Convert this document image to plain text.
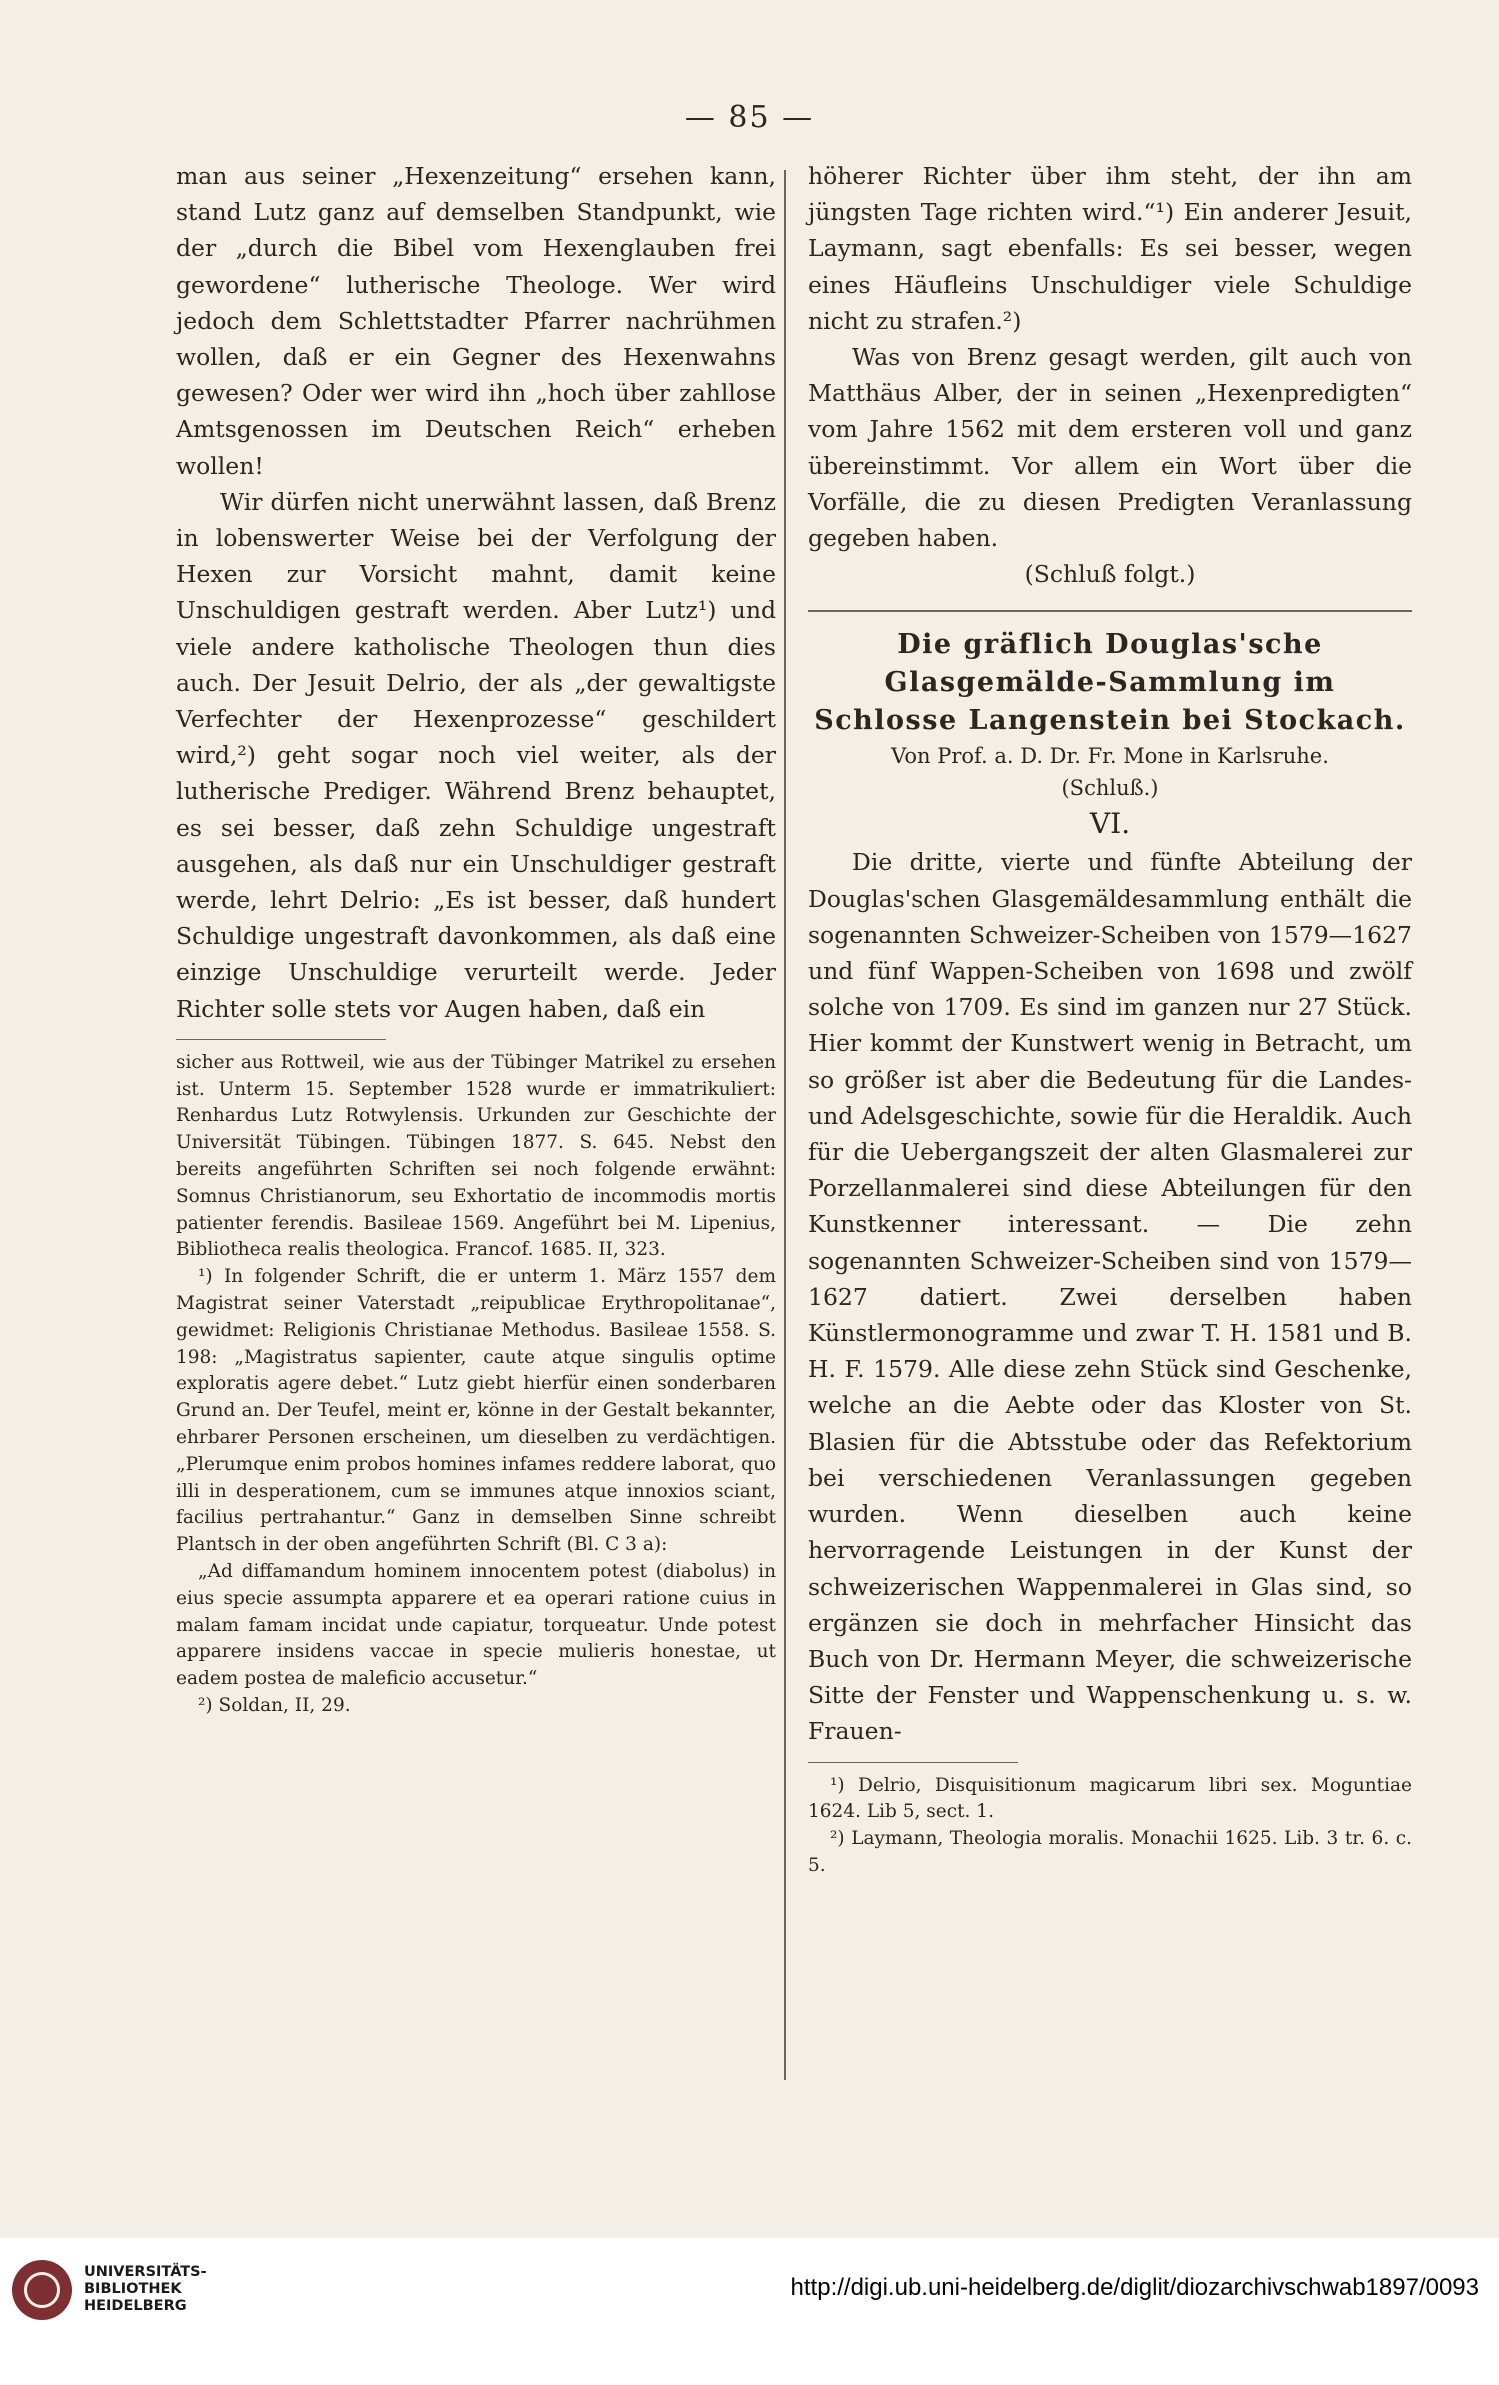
— 85 —

man aus seiner „Hexenzeitung“ ersehen kann, stand Lutz ganz auf demselben Standpunkt, wie der „durch die Bibel vom Hexenglauben frei gewordene“ lutherische Theologe. Wer wird jedoch dem Schlettstadter Pfarrer nachrühmen wollen, daß er ein Gegner des Hexenwahns gewesen? Oder wer wird ihn „hoch über zahllose Amtsgenossen im Deutschen Reich“ erheben wollen!

Wir dürfen nicht unerwähnt lassen, daß Brenz in lobenswerter Weise bei der Verfolgung der Hexen zur Vorsicht mahnt, damit keine Unschuldigen gestraft werden. Aber Lutz¹) und viele andere katholische Theologen thun dies auch. Der Jesuit Delrio, der als „der gewaltigste Verfechter der Hexenprozesse“ geschildert wird,²) geht sogar noch viel weiter, als der lutherische Prediger. Während Brenz behauptet, es sei besser, daß zehn Schuldige ungestraft ausgehen, als daß nur ein Unschuldiger gestraft werde, lehrt Delrio: „Es ist besser, daß hundert Schuldige ungestraft davonkommen, als daß eine einzige Unschuldige verurteilt werde. Jeder Richter solle stets vor Augen haben, daß ein

sicher aus Rottweil, wie aus der Tübinger Matrikel zu ersehen ist. Unterm 15. September 1528 wurde er immatrikuliert: Renhardus Lutz Rotwylensis. Urkunden zur Geschichte der Universität Tübingen. Tübingen 1877. S. 645. Nebst den bereits angeführten Schriften sei noch folgende erwähnt: Somnus Christianorum, seu Exhortatio de incommodis mortis patienter ferendis. Basileae 1569. Angeführt bei M. Lipenius, Bibliotheca realis theologica. Francof. 1685. II, 323.

¹) In folgender Schrift, die er unterm 1. März 1557 dem Magistrat seiner Vaterstadt „reipublicae Erythropolitanae“, gewidmet: Religionis Christianae Methodus. Basileae 1558. S. 198: „Magistratus sapienter, caute atque singulis optime exploratis agere debet.“ Lutz giebt hierfür einen sonderbaren Grund an. Der Teufel, meint er, könne in der Gestalt bekannter, ehrbarer Personen erscheinen, um dieselben zu verdächtigen. „Plerumque enim probos homines infames reddere laborat, quo illi in desperationem, cum se immunes atque innoxios sciant, facilius pertrahantur.“ Ganz in demselben Sinne schreibt Plantsch in der oben angeführten Schrift (Bl. C 3 a):

„Ad diffamandum hominem innocentem potest (diabolus) in eius specie assumpta apparere et ea operari ratione cuius in malam famam incidat unde capiatur, torqueatur. Unde potest apparere insidens vaccae in specie mulieris honestae, ut eadem postea de maleficio accusetur.“

²) Soldan, II, 29.

höherer Richter über ihm steht, der ihn am jüngsten Tage richten wird.“¹) Ein anderer Jesuit, Laymann, sagt ebenfalls: Es sei besser, wegen eines Häufleins Unschuldiger viele Schuldige nicht zu strafen.²)

Was von Brenz gesagt werden, gilt auch von Matthäus Alber, der in seinen „Hexenpredigten“ vom Jahre 1562 mit dem ersteren voll und ganz übereinstimmt. Vor allem ein Wort über die Vorfälle, die zu diesen Predigten Veranlassung gegeben haben.

(Schluß folgt.)

Die gräflich Douglas'sche Glasgemälde-Sammlung im Schlosse Langenstein bei Stockach.

Von Prof. a. D. Dr. Fr. Mone in Karlsruhe.

(Schluß.)

VI.

Die dritte, vierte und fünfte Abteilung der Douglas'schen Glasgemäldesammlung enthält die sogenannten Schweizer-Scheiben von 1579—1627 und fünf Wappen-Scheiben von 1698 und zwölf solche von 1709. Es sind im ganzen nur 27 Stück. Hier kommt der Kunstwert wenig in Betracht, um so größer ist aber die Bedeutung für die Landes- und Adelsgeschichte, sowie für die Heraldik. Auch für die Uebergangszeit der alten Glasmalerei zur Porzellanmalerei sind diese Abteilungen für den Kunstkenner interessant. — Die zehn sogenannten Schweizer-Scheiben sind von 1579—1627 datiert. Zwei derselben haben Künstlermonogramme und zwar T. H. 1581 und B. H. F. 1579. Alle diese zehn Stück sind Geschenke, welche an die Aebte oder das Kloster von St. Blasien für die Abtsstube oder das Refektorium bei verschiedenen Veranlassungen gegeben wurden. Wenn dieselben auch keine hervorragende Leistungen in der Kunst der schweizerischen Wappenmalerei in Glas sind, so ergänzen sie doch in mehrfacher Hinsicht das Buch von Dr. Hermann Meyer, die schweizerische Sitte der Fenster und Wappenschenkung u. s. w. Frauen-

¹) Delrio, Disquisitionum magicarum libri sex. Moguntiae 1624. Lib 5, sect. 1.

²) Laymann, Theologia moralis. Monachii 1625. Lib. 3 tr. 6. c. 5.

UNIVERSITÄTS-
BIBLIOTHEK
HEIDELBERG
http://digi.ub.uni-heidelberg.de/diglit/diozarchivschwab1897/0093
